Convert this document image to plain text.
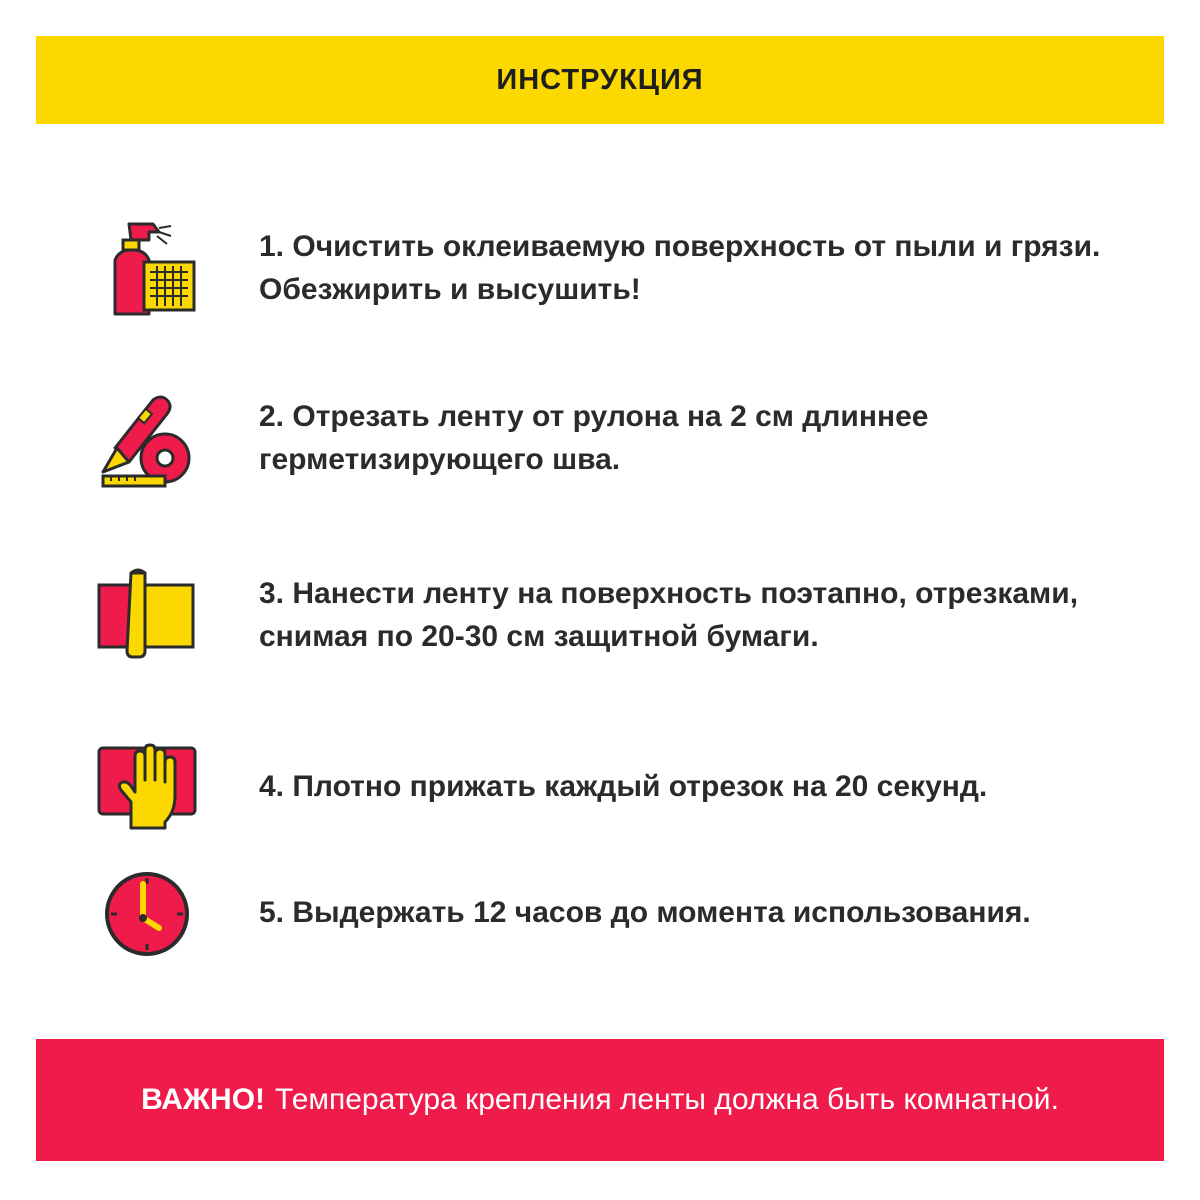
ИНСТРУКЦИЯ
1. Очистить оклеиваемую поверхность от пыли и грязи.
Обезжирить и высушить!
2. Отрезать ленту от рулона на 2 см длиннее
герметизирующего шва.
3. Нанести ленту на поверхность поэтапно, отрезками,
снимая по 20-30 см защитной бумаги.
4. Плотно прижать каждый отрезок на 20 секунд.
5. Выдержать 12 часов до момента использования.
ВАЖНО! Температура крепления ленты должна быть комнатной.
